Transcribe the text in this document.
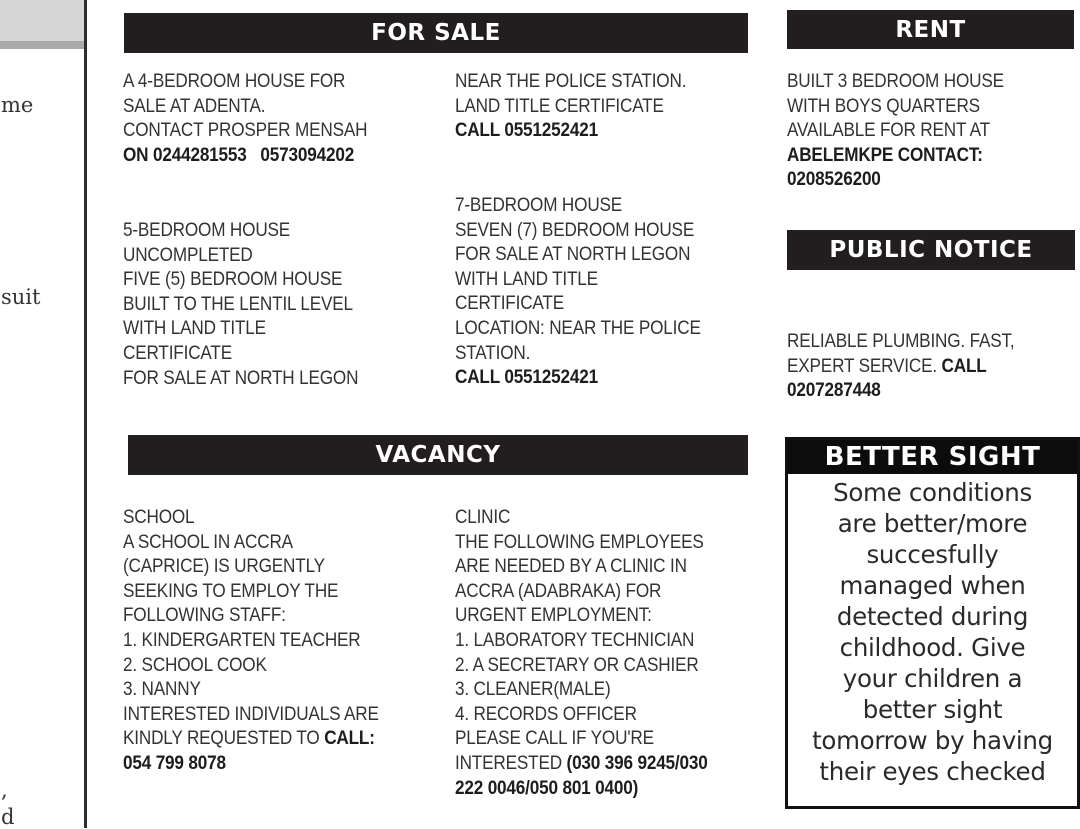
me
suit
,
d
FOR SALE
A 4-BEDROOM HOUSE FOR
SALE AT ADENTA.
CONTACT PROSPER MENSAH
ON 0244281553   0573094202
NEAR THE POLICE STATION.
LAND TITLE CERTIFICATE
CALL 0551252421
5-BEDROOM HOUSE
UNCOMPLETED
FIVE (5) BEDROOM HOUSE
BUILT TO THE LENTIL LEVEL
WITH LAND TITLE
CERTIFICATE
FOR SALE AT NORTH LEGON
7-BEDROOM HOUSE
SEVEN (7) BEDROOM HOUSE
FOR SALE AT NORTH LEGON
WITH LAND TITLE
CERTIFICATE
LOCATION: NEAR THE POLICE
STATION.
CALL 0551252421
RENT
BUILT 3 BEDROOM HOUSE
WITH BOYS QUARTERS
AVAILABLE FOR RENT AT
ABELEMKPE CONTACT:
0208526200
PUBLIC NOTICE
RELIABLE PLUMBING. FAST,
EXPERT SERVICE. CALL
0207287448
VACANCY
SCHOOL
A SCHOOL IN ACCRA
(CAPRICE) IS URGENTLY
SEEKING TO EMPLOY THE
FOLLOWING STAFF:
1. KINDERGARTEN TEACHER
2. SCHOOL COOK
3. NANNY
INTERESTED INDIVIDUALS ARE
KINDLY REQUESTED TO CALL:
054 799 8078
CLINIC
THE FOLLOWING EMPLOYEES
ARE NEEDED BY A CLINIC IN
ACCRA (ADABRAKA) FOR
URGENT EMPLOYMENT:
1. LABORATORY TECHNICIAN
2. A SECRETARY OR CASHIER
3. CLEANER(MALE)
4. RECORDS OFFICER
PLEASE CALL IF YOU'RE
INTERESTED (030 396 9245/030
222 0046/050 801 0400)
BETTER SIGHT
Some conditions
are better/more
succesfully
managed when
detected during
childhood. Give
your children a
better sight
tomorrow by having
their eyes checked
